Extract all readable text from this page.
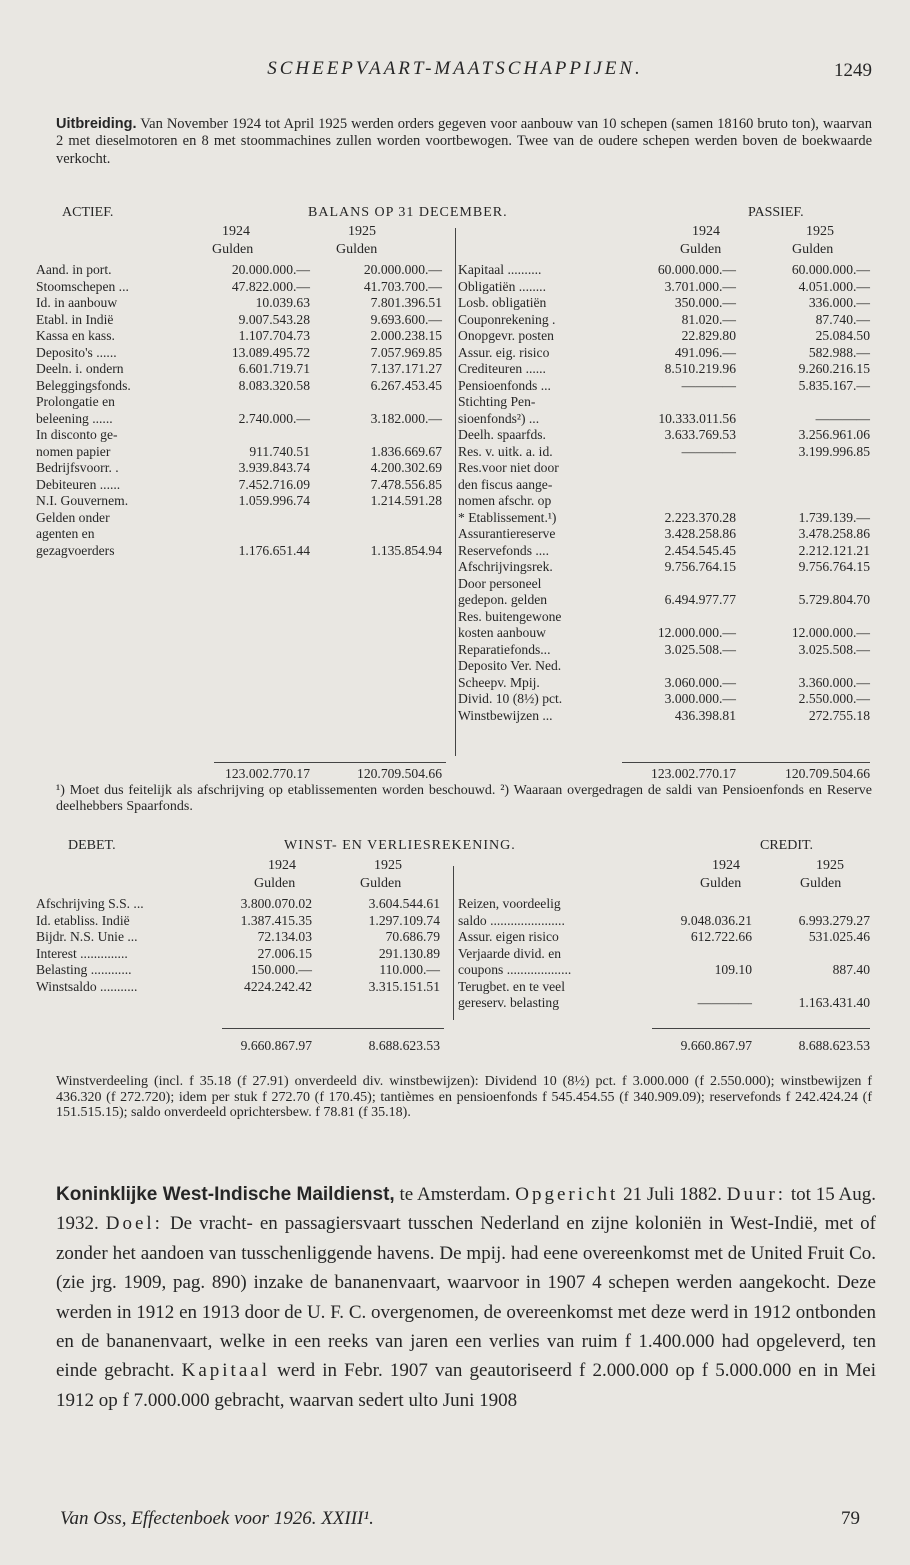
SCHEEPVAART-MAATSCHAPPIJEN.	1249
Uitbreiding. Van November 1924 tot April 1925 werden orders gegeven voor aanbouw van 10 schepen (samen 18160 bruto ton), waarvan 2 met dieselmotoren en 8 met stoommachines zullen worden voortbewogen. Twee van de oudere schepen werden boven de boekwaarde verkocht.
ACTIEF.	BALANS OP 31 DECEMBER.	PASSIEF.
1924	1925
Gulden	Gulden
1924	1925
Gulden	Gulden
Aand. in port.	20.000.000.—	20.000.000.—
Stoomschepen ...	47.822.000.—	41.703.700.—
Id. in aanbouw	10.039.63	7.801.396.51
Etabl. in Indië	9.007.543.28	9.693.600.—
Kassa en kass.	1.107.704.73	2.000.238.15
Deposito's ......	13.089.495.72	7.057.969.85
Deeln. i. ondern	6.601.719.71	7.137.171.27
Beleggingsfonds.	8.083.320.58	6.267.453.45
Prolongatie en
beleening ......	2.740.000.—	3.182.000.—
In disconto ge-
nomen papier	911.740.51	1.836.669.67
Bedrijfsvoorr. .	3.939.843.74	4.200.302.69
Debiteuren ......	7.452.716.09	7.478.556.85
N.I. Gouvernem.	1.059.996.74	1.214.591.28
Gelden onder
agenten en
gezagvoerders	1.176.651.44	1.135.854.94
Kapitaal ..........	60.000.000.—	60.000.000.—
Obligatiën ........	3.701.000.—	4.051.000.—
Losb. obligatiën	350.000.—	336.000.—
Couponrekening .	81.020.—	87.740.—
Onopgevr. posten	22.829.80	25.084.50
Assur. eig. risico	491.096.—	582.988.—
Crediteuren ......	8.510.219.96	9.260.216.15
Pensioenfonds ...	————	5.835.167.—
Stichting Pen-
sioenfonds²) ...	10.333.011.56	————
Deelh. spaarfds.	3.633.769.53	3.256.961.06
Res. v. uitk. a. id.	————	3.199.996.85
Res.voor niet door
den fiscus aange-
nomen afschr. op
* Etablissement.¹)	2.223.370.28	1.739.139.—
Assurantiereserve	3.428.258.86	3.478.258.86
Reservefonds ....	2.454.545.45	2.212.121.21
Afschrijvingsrek.	9.756.764.15	9.756.764.15
Door personeel
gedepon. gelden	6.494.977.77	5.729.804.70
Res. buitengewone
kosten aanbouw	12.000.000.—	12.000.000.—
Reparatiefonds...	3.025.508.—	3.025.508.—
Deposito Ver. Ned.
Scheepv. Mpij.	3.060.000.—	3.360.000.—
Divid. 10 (8½) pct.	3.000.000.—	2.550.000.—
Winstbewijzen ...	436.398.81	272.755.18
123.002.770.17	120.709.504.66	123.002.770.17	120.709.504.66
¹) Moet dus feitelijk als afschrijving op etablissementen worden beschouwd. ²) Waaraan overgedragen de saldi van Pensioenfonds en Reserve deelhebbers Spaarfonds.
DEBET.	WINST- EN VERLIESREKENING.	CREDIT.
1924	1925
Gulden	Gulden
1924	1925
Gulden	Gulden
Afschrijving S.S. ...	3.800.070.02	3.604.544.61
Id. etabliss. Indië	1.387.415.35	1.297.109.74
Bijdr. N.S. Unie ...	72.134.03	70.686.79
Interest ..............	27.006.15	291.130.89
Belasting ............	150.000.—	110.000.—
Winstsaldo ...........	4224.242.42	3.315.151.51
Reizen, voordeelig
saldo ......................	9.048.036.21	6.993.279.27
Assur. eigen risico	612.722.66	531.025.46
Verjaarde divid. en
coupons ...................	109.10	887.40
Terugbet. en te veel
gereserv. belasting	————	1.163.431.40
9.660.867.97	8.688.623.53	9.660.867.97	8.688.623.53
Winstverdeeling (incl. f 35.18 (f 27.91) onverdeeld div. winstbewijzen): Dividend 10 (8½) pct. f 3.000.000 (f 2.550.000); winstbewijzen f 436.320 (f 272.720); idem per stuk f 272.70 (f 170.45); tantièmes en pensioenfonds f 545.454.55 (f 340.909.09); reservefonds f 242.424.24 (f 151.515.15); saldo onverdeeld oprichtersbew. f 78.81 (f 35.18).
Koninklijke West-Indische Maildienst, te Amsterdam. Opgericht 21 Juli 1882. Duur: tot 15 Aug. 1932. Doel: De vracht- en passagiersvaart tusschen Nederland en zijne koloniën in West-Indië, met of zonder het aandoen van tusschenliggende havens. De mpij. had eene overeenkomst met de United Fruit Co. (zie jrg. 1909, pag. 890) inzake de bananenvaart, waarvoor in 1907 4 schepen werden aangekocht. Deze werden in 1912 en 1913 door de U. F. C. overgenomen, de overeenkomst met deze werd in 1912 ontbonden en de bananenvaart, welke in een reeks van jaren een verlies van ruim f 1.400.000 had opgeleverd, ten einde gebracht. Kapitaal werd in Febr. 1907 van geautoriseerd f 2.000.000 op f 5.000.000 en in Mei 1912 op f 7.000.000 gebracht, waarvan sedert ulto Juni 1908
Van Oss, Effectenboek voor 1926. XXIII¹.	79
